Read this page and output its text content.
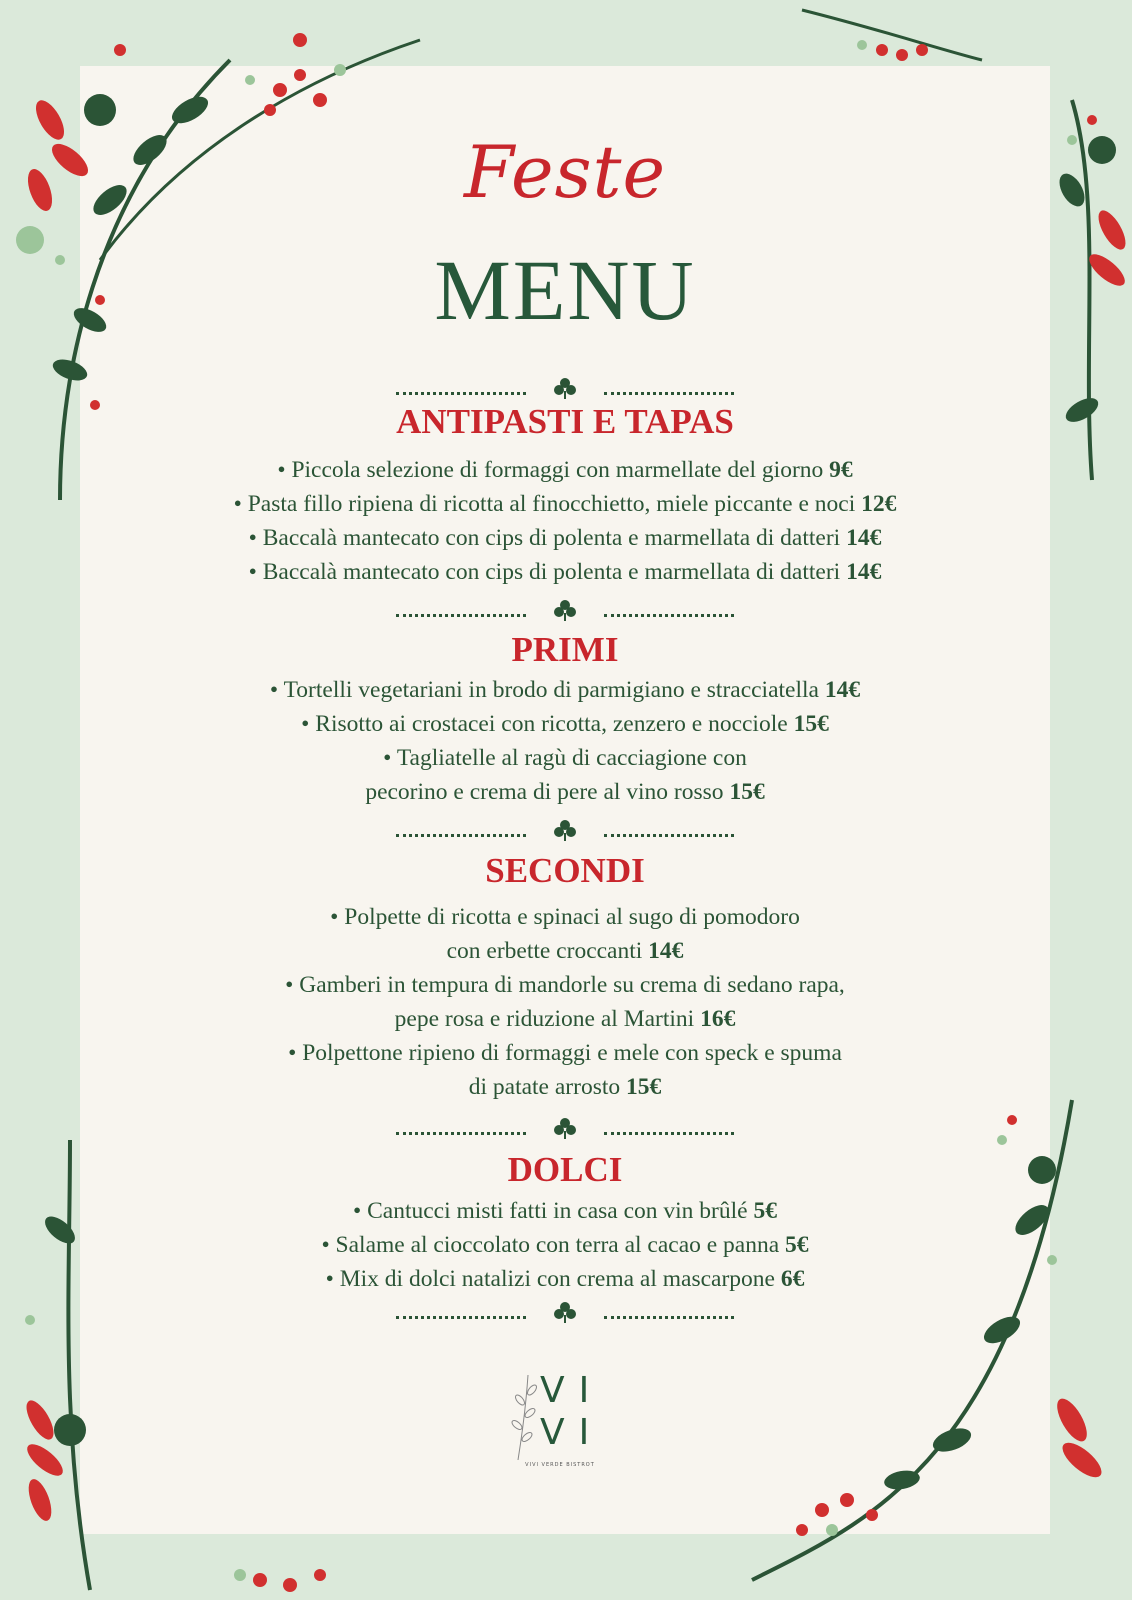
Feste
MENU
ANTIPASTI E TAPAS
• Piccola selezione di formaggi con marmellate del giorno 9€
• Pasta fillo ripiena di ricotta al finocchietto, miele piccante e noci 12€
• Baccalà mantecato con cips di polenta e marmellata di datteri 14€
• Baccalà mantecato con cips di polenta e marmellata di datteri 14€
PRIMI
• Tortelli vegetariani in brodo di parmigiano e stracciatella 14€
• Risotto ai crostacei con ricotta, zenzero e nocciole 15€
• Tagliatelle al ragù di cacciagione con
pecorino e crema di pere al vino rosso 15€
SECONDI
• Polpette di ricotta e spinaci al sugo di pomodoro
con erbette croccanti 14€
• Gamberi in tempura di mandorle su crema di sedano rapa,
pepe rosa e riduzione al Martini 16€
• Polpettone ripieno di formaggi e mele con speck e spuma
di patate arrosto 15€
DOLCI
• Cantucci misti fatti in casa con vin brûlé 5€
• Salame al cioccolato con terra al cacao e panna 5€
• Mix di dolci natalizi con crema al mascarpone 6€
VI
VI
VIVI VERDE BISTROT
